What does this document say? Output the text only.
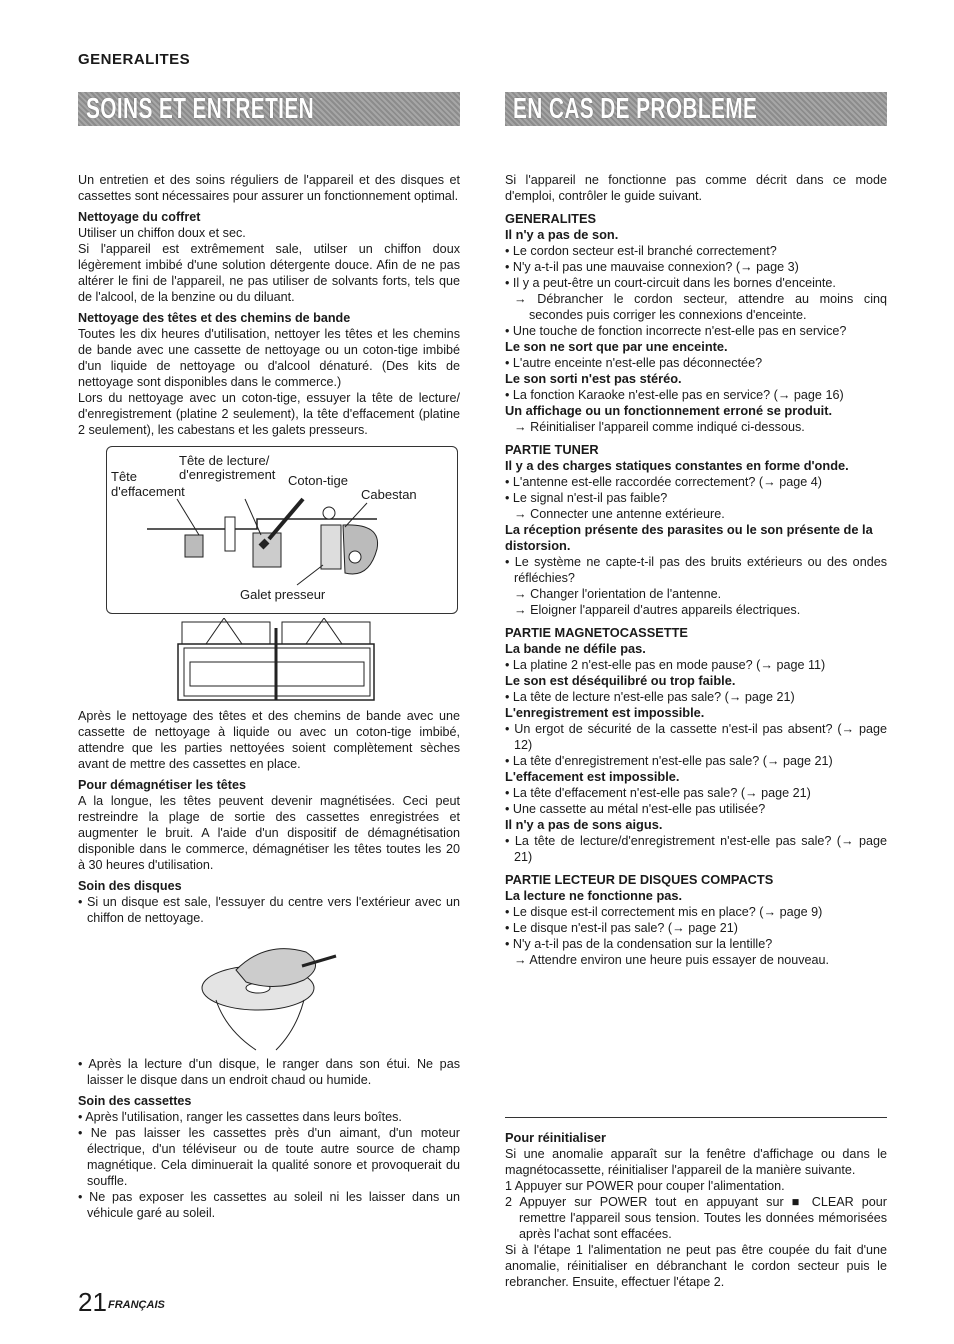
GENERALITES
SOINS ET ENTRETIEN	EN CAS DE PROBLEME

Un entretien et des soins réguliers de l'appareil et des disques et cassettes sont nécessaires pour assurer un fonctionnement optimal.

Nettoyage du coffret

Utiliser un chiffon doux et sec.

Si l'appareil est extrêmement sale, utilser un chiffon doux légèrement imbibé d'une solution détergente douce. Afin de ne pas altérer le fini de l'appareil, ne pas utiliser de solvants forts, tels que de l'alcool, de la benzine ou du diluant.

Nettoyage des têtes et des chemins de bande

Toutes les dix heures d'utilisation, nettoyer les têtes et les chemins de bande avec une cassette de nettoyage ou un coton-tige imbibé d'un liquide de nettoyage ou d'alcool dénaturé. (Des kits de nettoyage sont disponibles dans le commerce.)

Lors du nettoyage avec un coton-tige, essuyer la tête de lecture/ d'enregistrement (platine 2 seulement), la tête d'effacement (platine 2 seulement), les cabestans et les galets presseurs.

Tête de lecture/
d'enregistrement
Tête
d'effacement
Coton-tige
Cabestan
Galet presseur

Après le nettoyage des têtes et des chemins de bande avec une cassette de nettoyage à liquide ou avec un coton-tige imbibé, attendre que les parties nettoyées soient complètement sèches avant de mettre des cassettes en place.

Pour démagnétiser les têtes

A la longue, les têtes peuvent devenir magnétisées. Ceci peut restreindre la plage de sortie des cassettes enregistrées et augmenter le bruit. A l'aide d'un dispositif de démagnétisation disponible dans le commerce, démagnétiser les têtes toutes les 20 à 30 heures d'utilisation.

Soin des disques

• Si un disque est sale, l'essuyer du centre vers l'extérieur avec un chiffon de nettoyage.

• Après la lecture d'un disque, le ranger dans son étui. Ne pas laisser le disque dans un endroit chaud ou humide.

Soin des cassettes

• Après l'utilisation, ranger les cassettes dans leurs boîtes.

• Ne pas laisser les cassettes près d'un aimant, d'un moteur électrique, d'un téléviseur ou de toute autre source de champ magnétique. Cela diminuerait la qualité sonore et provoquerait du souffle.

• Ne pas exposer les cassettes au soleil ni les laisser dans un véhicule garé au soleil.

Si l'appareil ne fonctionne pas comme décrit dans ce mode d'emploi, contrôler le guide suivant.

GENERALITES
Il n'y a pas de son.

• Le cordon secteur est-il branché correctement?

• N'y a-t-il pas une mauvaise connexion? (→ page 3)

• Il y a peut-être un court-circuit dans les bornes d'enceinte.

→ Débrancher le cordon secteur, attendre au moins cinq secondes puis corriger les connexions d'enceinte.

• Une touche de fonction incorrecte n'est-elle pas en service?

Le son ne sort que par une enceinte.

• L'autre enceinte n'est-elle pas déconnectée?

Le son sorti n'est pas stéréo.

• La fonction Karaoke n'est-elle pas en service? (→ page 16)

Un affichage ou un fonctionnement erroné se produit.

→ Réinitialiser l'appareil comme indiqué ci-dessous.

PARTIE TUNER
Il y a des charges statiques constantes en forme d'onde.

• L'antenne est-elle raccordée correctement? (→ page 4)

• Le signal n'est-il pas faible?

→ Connecter une antenne extérieure.

La réception présente des parasites ou le son présente de la distorsion.

• Le système ne capte-t-il pas des bruits extérieurs ou des ondes réfléchies?

→ Changer l'orientation de l'antenne.

→ Eloigner l'appareil d'autres appareils électriques.

PARTIE MAGNETOCASSETTE
La bande ne défile pas.

• La platine 2 n'est-elle pas en mode pause? (→ page 11)

Le son est déséquilibré ou trop faible.

• La tête de lecture n'est-elle pas sale? (→ page 21)

L'enregistrement est impossible.

• Un ergot de sécurité de la cassette n'est-il pas absent? (→ page 12)

• La tête d'enregistrement n'est-elle pas sale? (→ page 21)

L'effacement est impossible.

• La tête d'effacement n'est-elle pas sale? (→ page 21)

• Une cassette au métal n'est-elle pas utilisée?

Il n'y a pas de sons aigus.

• La tête de lecture/d'enregistrement n'est-elle pas sale? (→ page 21)

PARTIE LECTEUR DE DISQUES COMPACTS
La lecture ne fonctionne pas.

• Le disque est-il correctement mis en place? (→ page 9)

• Le disque n'est-il pas sale? (→ page 21)

• N'y a-t-il pas de la condensation sur la lentille?

→ Attendre environ une heure puis essayer de nouveau.

Pour réinitialiser

Si une anomalie apparaît sur la fenêtre d'affichage ou dans le magnétocassette, réinitialiser l'appareil de la manière suivante.

1 Appuyer sur POWER pour couper l'alimentation.

2 Appuyer sur POWER tout en appuyant sur ■ CLEAR pour remettre l'appareil sous tension. Toutes les données mémorisées après l'achat sont effacées.

Si à l'étape 1 l'alimentation ne peut pas être coupée du fait d'une anomalie, réinitialiser en débranchant le cordon secteur puis le rebrancher. Ensuite, effectuer l'étape 2.

21 FRANÇAIS
